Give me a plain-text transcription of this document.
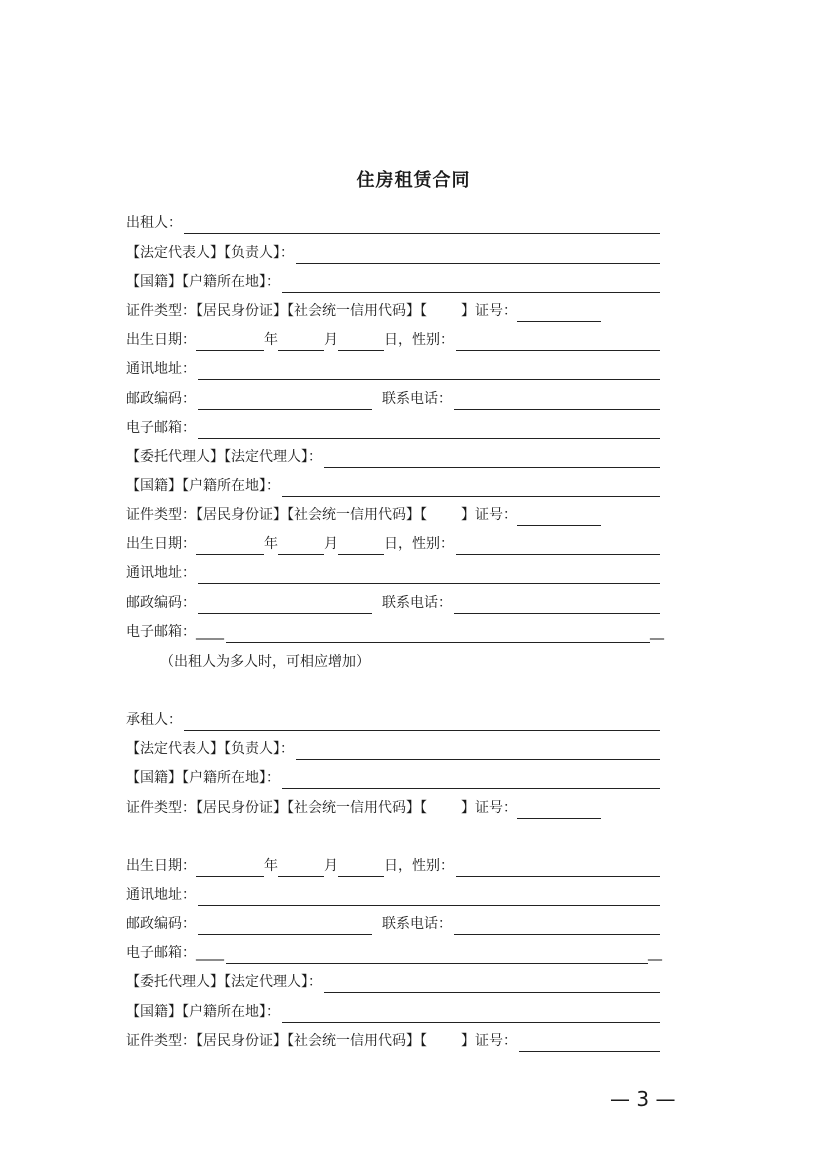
住房租赁合同
出租人：
【法定代表人】【负责人】：
【国籍】【户籍所在地】：
证件类型：【居民身份证】【社会统一信用代码】【 】证号：
出生日期：	年	月	日，性别：
通讯地址：
邮政编码：	联系电话：
电子邮箱：
【委托代理人】【法定代理人】：
【国籍】【户籍所在地】：
证件类型：【居民身份证】【社会统一信用代码】【 】证号：
出生日期：	年	月	日，性别：
通讯地址：
邮政编码：	联系电话：
电子邮箱： ____	__
（出租人为多人时，可相应增加）
承租人：
【法定代表人】【负责人】：
【国籍】【户籍所在地】：
证件类型：【居民身份证】【社会统一信用代码】【 】证号：
出生日期：	年	月	日，性别：
通讯地址：
邮政编码：	联系电话：
电子邮箱： ____	__
【委托代理人】【法定代理人】：
【国籍】【户籍所在地】：
证件类型：【居民身份证】【社会统一信用代码】【 】证号：
— 3 —
